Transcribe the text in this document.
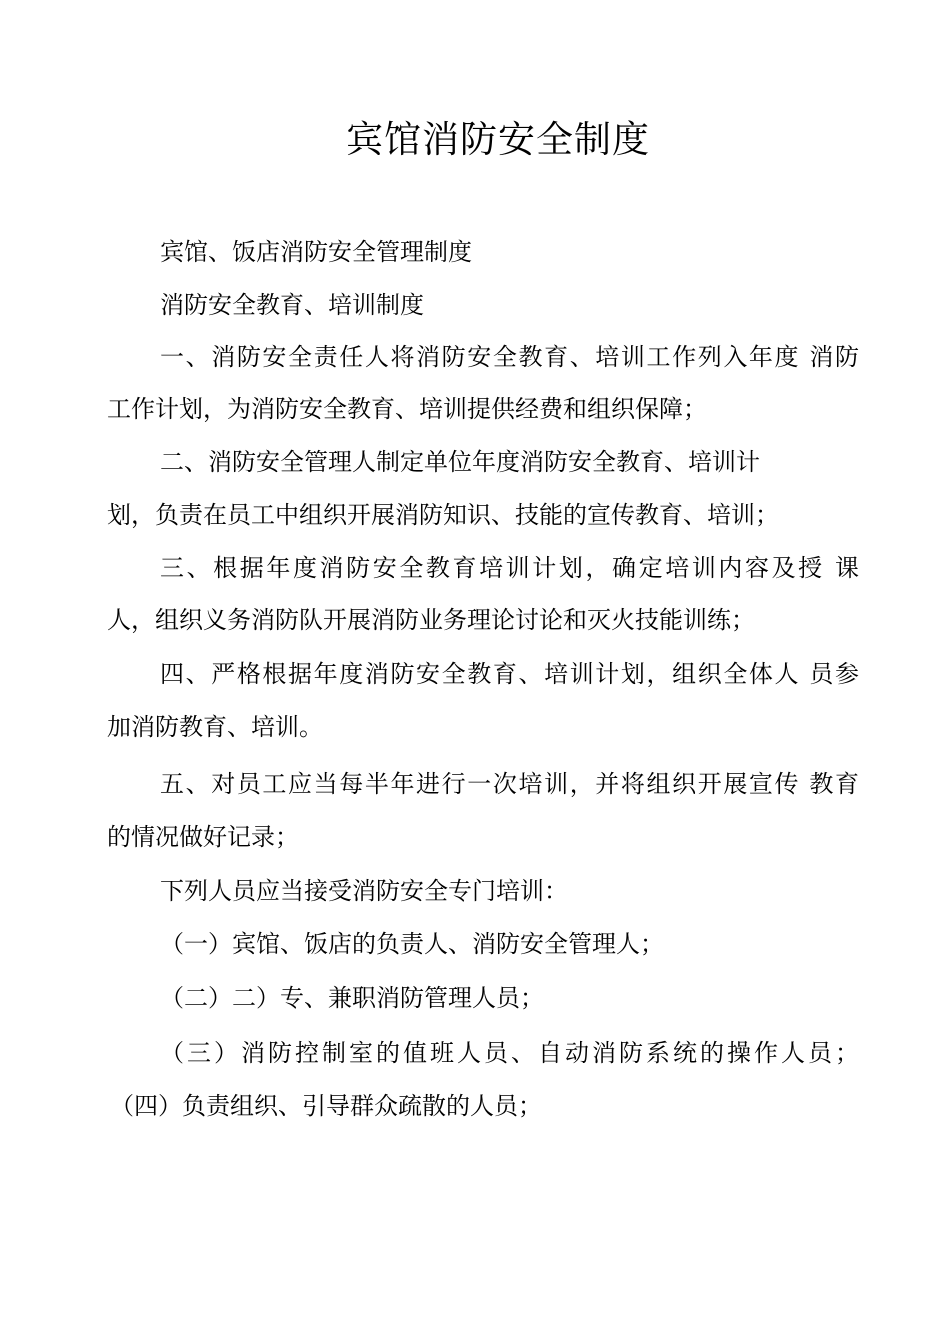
宾馆消防安全制度
宾馆、饭店消防安全管理制度
消防安全教育、培训制度
一、消防安全责任人将消防安全教育、培训工作列入年度 消防
工作计划，为消防安全教育、培训提供经费和组织保障；
二、消防安全管理人制定单位年度消防安全教育、培训计
划，负责在员工中组织开展消防知识、技能的宣传教育、培训；
三、根据年度消防安全教育培训计划，确定培训内容及授 课
人，组织义务消防队开展消防业务理论讨论和灭火技能训练；
四、严格根据年度消防安全教育、培训计划，组织全体人 员参
加消防教育、培训。
五、对员工应当每半年进行一次培训，并将组织开展宣传 教育
的情况做好记录；
下列人员应当接受消防安全专门培训：
（一）宾馆、饭店的负责人、消防安全管理人；
（二）二）专、兼职消防管理人员；
（三）消防控制室的值班人员、自动消防系统的操作人员；
（四）负责组织、引导群众疏散的人员；
